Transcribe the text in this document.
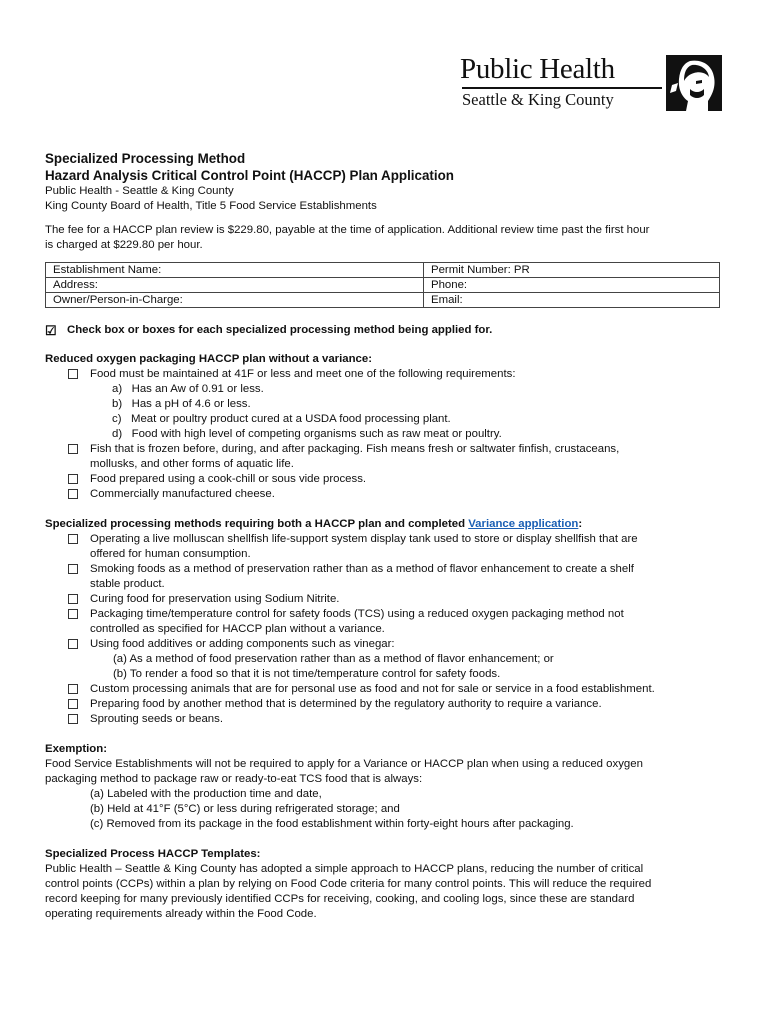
Public Health
Seattle & King County
Specialized Processing Method
Hazard Analysis Critical Control Point (HACCP) Plan Application
Public Health - Seattle & King County
King County Board of Health, Title 5 Food Service Establishments
The fee for a HACCP plan review is $229.80, payable at the time of application. Additional review time past the first hour
is charged at $229.80 per hour.
Establishment Name:	Permit Number: PR
Address:	Phone:
Owner/Person-in-Charge:	Email:
☑ Check box or boxes for each specialized processing method being applied for.
Reduced oxygen packaging HACCP plan without a variance:
Food must be maintained at 41F or less and meet one of the following requirements:
a)   Has an Aw of 0.91 or less.
b)   Has a pH of 4.6 or less.
c)   Meat or poultry product cured at a USDA food processing plant.
d)   Food with high level of competing organisms such as raw meat or poultry.
Fish that is frozen before, during, and after packaging. Fish means fresh or saltwater finfish, crustaceans,
mollusks, and other forms of aquatic life.
Food prepared using a cook-chill or sous vide process.
Commercially manufactured cheese.
Specialized processing methods requiring both a HACCP plan and completed Variance application:
Operating a live molluscan shellfish life-support system display tank used to store or display shellfish that are
offered for human consumption.
Smoking foods as a method of preservation rather than as a method of flavor enhancement to create a shelf
stable product.
Curing food for preservation using Sodium Nitrite.
Packaging time/temperature control for safety foods (TCS) using a reduced oxygen packaging method not
controlled as specified for HACCP plan without a variance.
Using food additives or adding components such as vinegar:
(a) As a method of food preservation rather than as a method of flavor enhancement; or
(b) To render a food so that it is not time/temperature control for safety foods.
Custom processing animals that are for personal use as food and not for sale or service in a food establishment.
Preparing food by another method that is determined by the regulatory authority to require a variance.
Sprouting seeds or beans.
Exemption:
Food Service Establishments will not be required to apply for a Variance or HACCP plan when using a reduced oxygen
packaging method to package raw or ready-to-eat TCS food that is always:
(a) Labeled with the production time and date,
(b) Held at 41°F (5°C) or less during refrigerated storage; and
(c) Removed from its package in the food establishment within forty-eight hours after packaging.
Specialized Process HACCP Templates:
Public Health – Seattle & King County has adopted a simple approach to HACCP plans, reducing the number of critical
control points (CCPs) within a plan by relying on Food Code criteria for many control points. This will reduce the required
record keeping for many previously identified CCPs for receiving, cooking, and cooling logs, since these are standard
operating requirements already within the Food Code.
